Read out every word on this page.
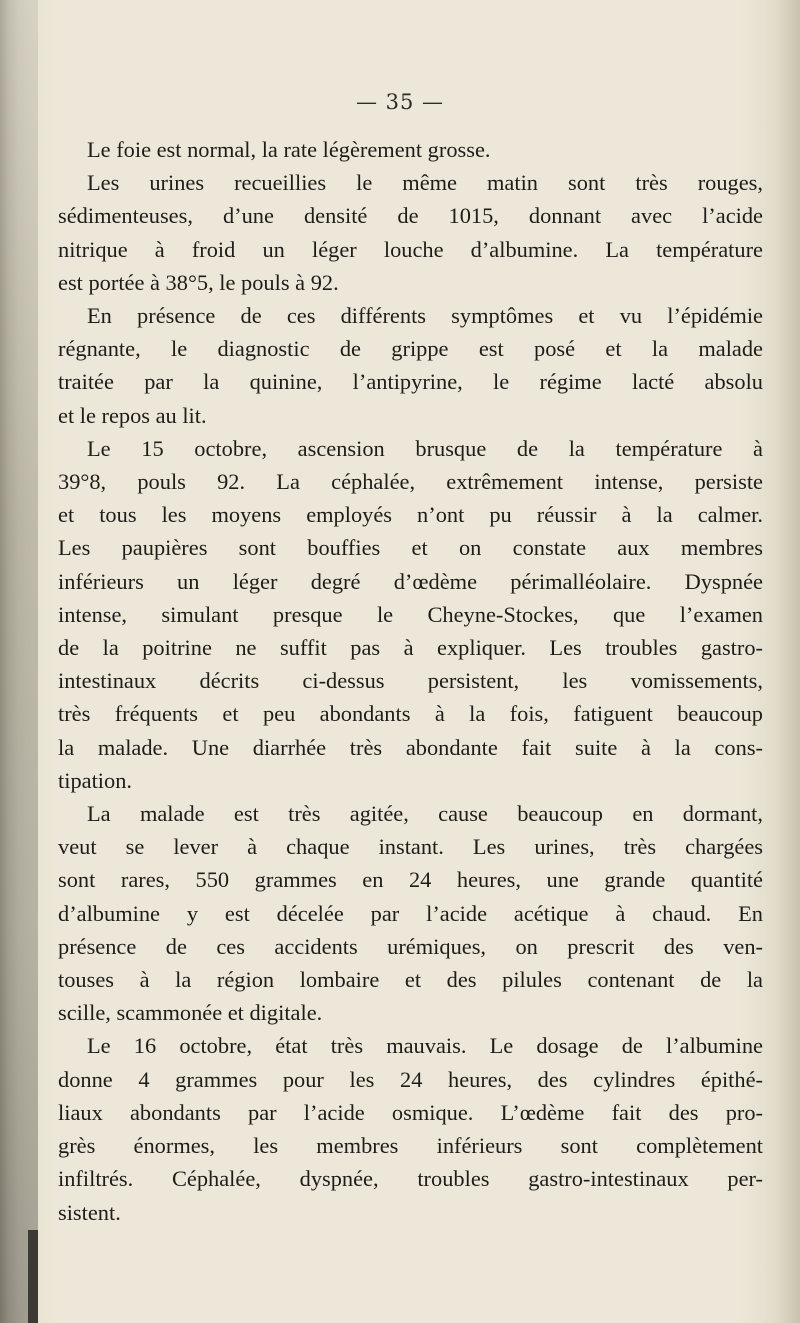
— 35 —

Le foie est normal, la rate légèrement grosse.

Les urines recueillies le même matin sont très rouges,
sédimenteuses, d’une densité de 1015, donnant avec l’acide
nitrique à froid un léger louche d’albumine. La température
est portée à 38°5, le pouls à 92.

En présence de ces différents symptômes et vu l’épidémie
régnante, le diagnostic de grippe est posé et la malade
traitée par la quinine, l’antipyrine, le régime lacté absolu
et le repos au lit.

Le 15 octobre, ascension brusque de la température à
39°8, pouls 92. La céphalée, extrêmement intense, persiste
et tous les moyens employés n’ont pu réussir à la calmer.
Les paupières sont bouffies et on constate aux membres
inférieurs un léger degré d’œdème périmalléolaire. Dyspnée
intense, simulant presque le Cheyne-Stockes, que l’examen
de la poitrine ne suffit pas à expliquer. Les troubles gastro-
intestinaux décrits ci-dessus persistent, les vomissements,
très fréquents et peu abondants à la fois, fatiguent beaucoup
la malade. Une diarrhée très abondante fait suite à la cons-
tipation.

La malade est très agitée, cause beaucoup en dormant,
veut se lever à chaque instant. Les urines, très chargées
sont rares, 550 grammes en 24 heures, une grande quantité
d’albumine y est décelée par l’acide acétique à chaud. En
présence de ces accidents urémiques, on prescrit des ven-
touses à la région lombaire et des pilules contenant de la
scille, scammonée et digitale.

Le 16 octobre, état très mauvais. Le dosage de l’albumine
donne 4 grammes pour les 24 heures, des cylindres épithé-
liaux abondants par l’acide osmique. L’œdème fait des pro-
grès énormes, les membres inférieurs sont complètement
infiltrés. Céphalée, dyspnée, troubles gastro-intestinaux per-
sistent.
